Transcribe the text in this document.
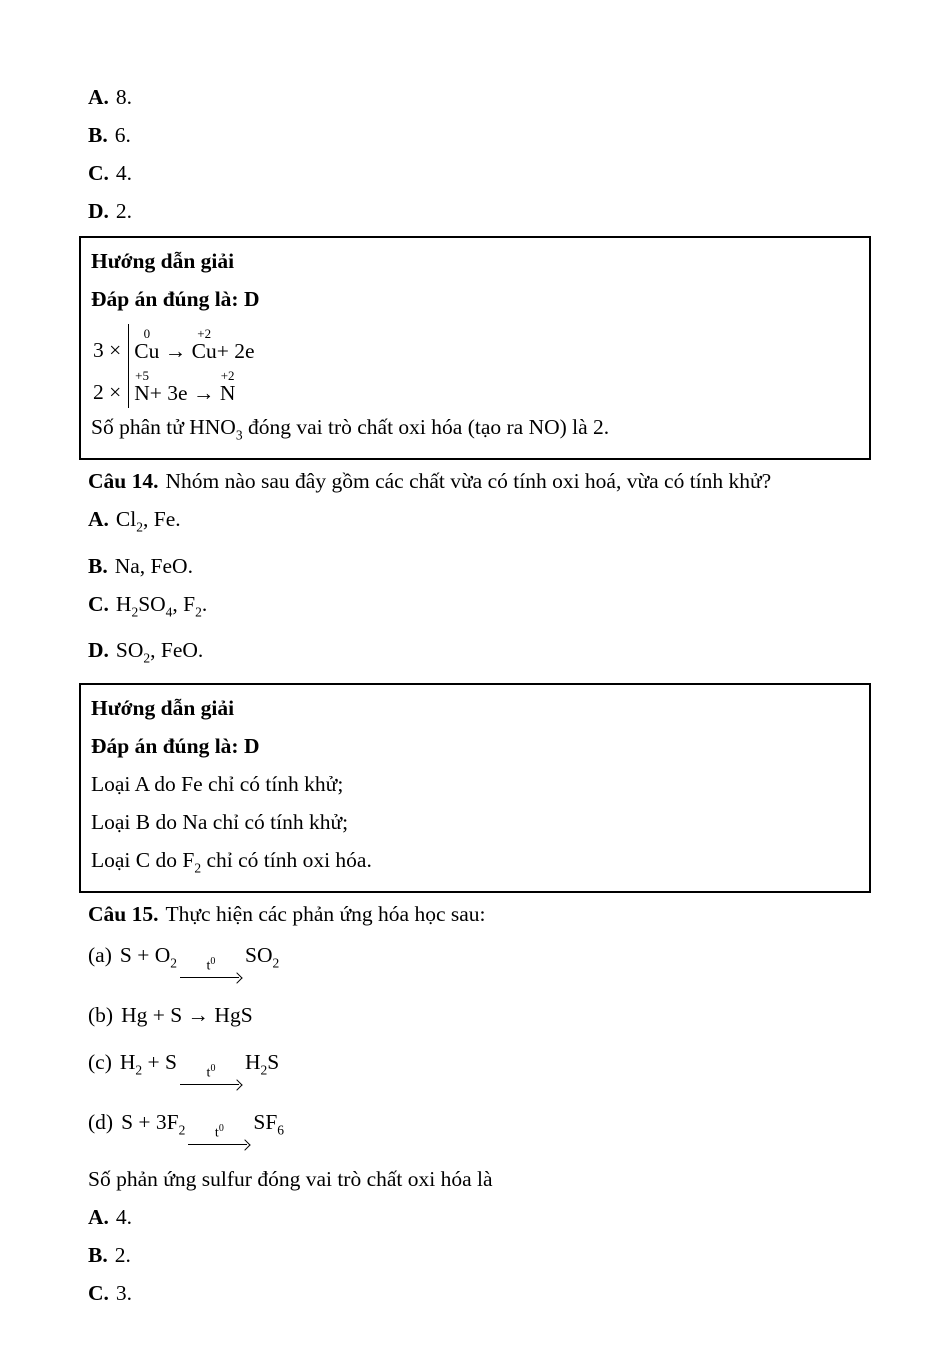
A. 8.

B. 6.

C. 4.

D. 2.

Hướng dẫn giải

Đáp án đúng là: D

3 ×
0
Cu →
+2
Cu+ 2e
2 ×
+5
N+ 3e →
+2
N

Số phân tử $HNO_3$ đóng vai trò chất oxi hóa (tạo ra NO) là 2.

Câu 14. Nhóm nào sau đây gồm các chất vừa có tính oxi hoá, vừa có tính khử?

A. $Cl_2$, Fe.

B. Na, FeO.

C. $H_2SO_4$, $F_2$.

D. $SO_2$, FeO.

Hướng dẫn giải

Đáp án đúng là: D

Loại A do Fe chỉ có tính khử;

Loại B do Na chỉ có tính khử;

Loại C do $F_2$ chỉ có tính oxi hóa.

Câu 15. Thực hiện các phản ứng hóa học sau:

(a) $S + O_2$ $t^0$ $SO_2$

(b) Hg + S → HgS

(c) $H_2 + S$ $t^0$ $H_2S$

(d) $S + 3F_2$ $t^0$ $SF_6$

Số phản ứng sulfur đóng vai trò chất oxi hóa là

A. 4.

B. 2.

C. 3.
